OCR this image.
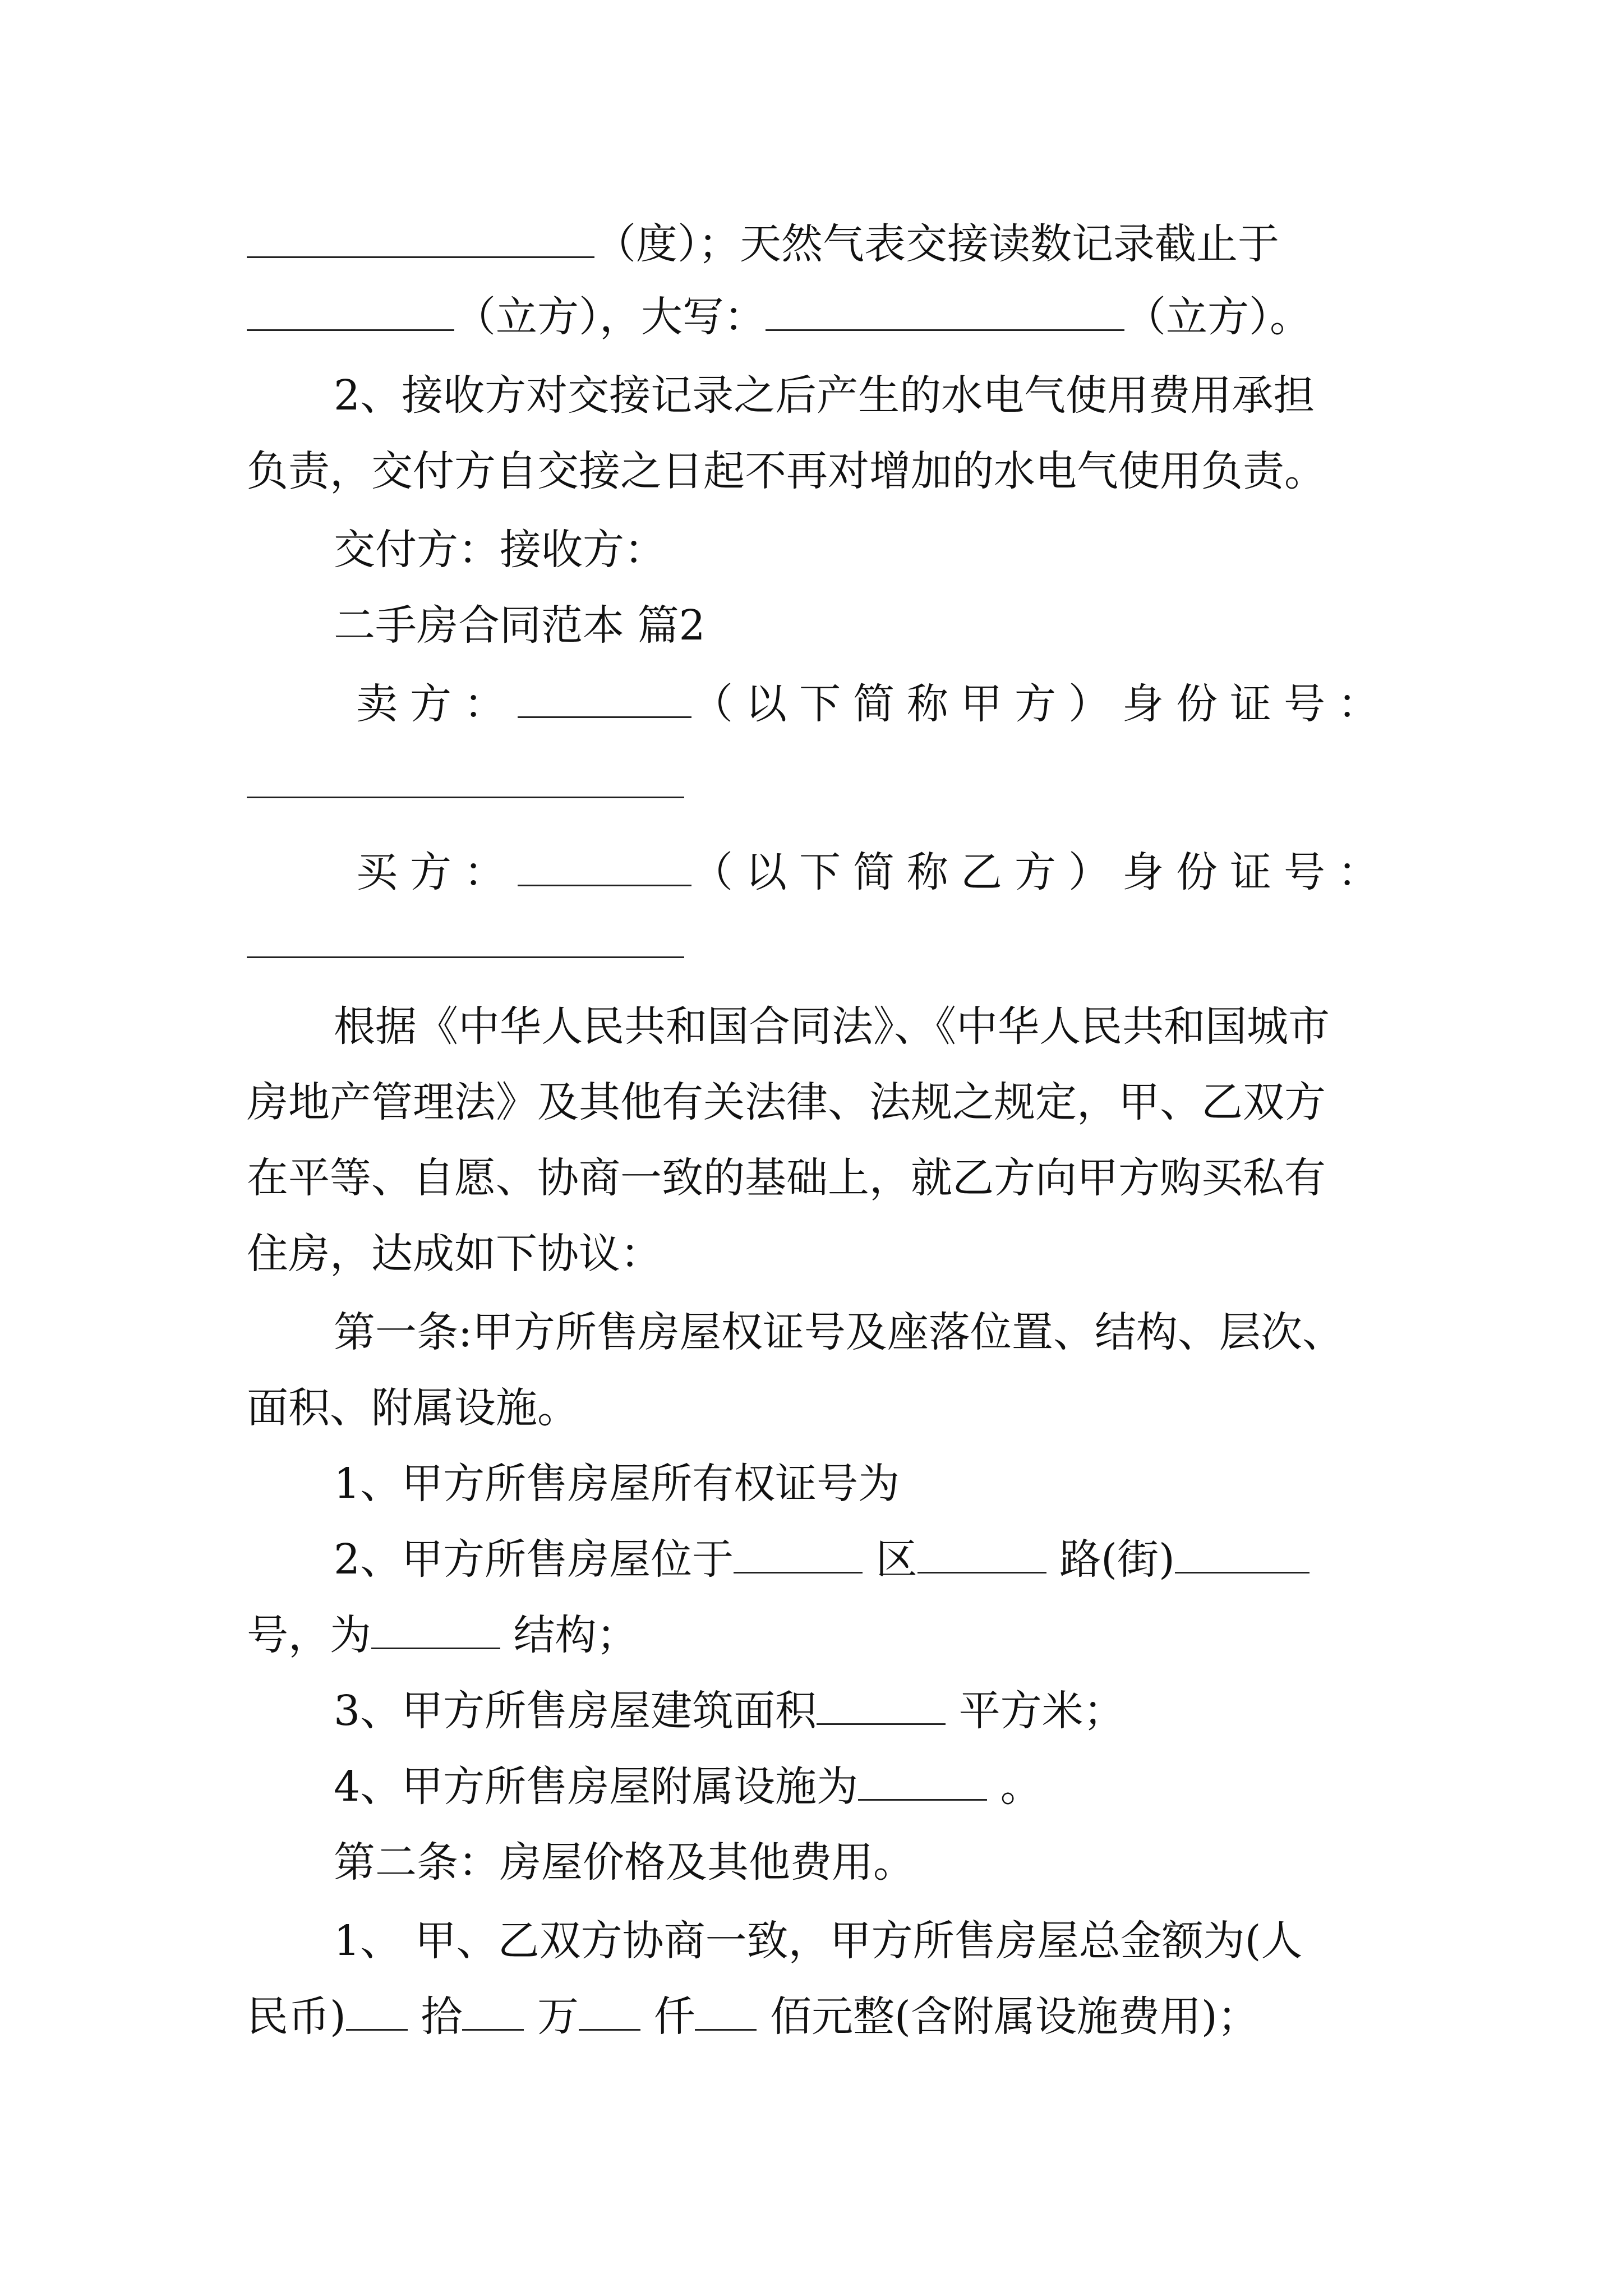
（度）；天然气表交接读数记录截止于
（立方），大写：	（立方）。
2、接收方对交接记录之后产生的水电气使用费用承担
负责，交付方自交接之日起不再对增加的水电气使用负责。
交付方：接收方：
二手房合同范本 篇2
卖方：	（以下简称甲方）身份证号：
买方：	（以下简称乙方）身份证号：
根据《中华人民共和国合同法》、《中华人民共和国城市
房地产管理法》及其他有关法律、法规之规定，甲、乙双方
在平等、自愿、协商一致的基础上，就乙方向甲方购买私有
住房，达成如下协议：
第一条:甲方所售房屋权证号及座落位置、结构、层次、
面积、附属设施。
1、甲方所售房屋所有权证号为
2、甲方所售房屋位于	区	路(街)
号，为	结构；
3、甲方所售房屋建筑面积	平方米；
4、甲方所售房屋附属设施为	。
第二条：房屋价格及其他费用。
1、 甲、乙双方协商一致，甲方所售房屋总金额为(人
民币) 拾 万 仟 佰元整(含附属设施费用)；
